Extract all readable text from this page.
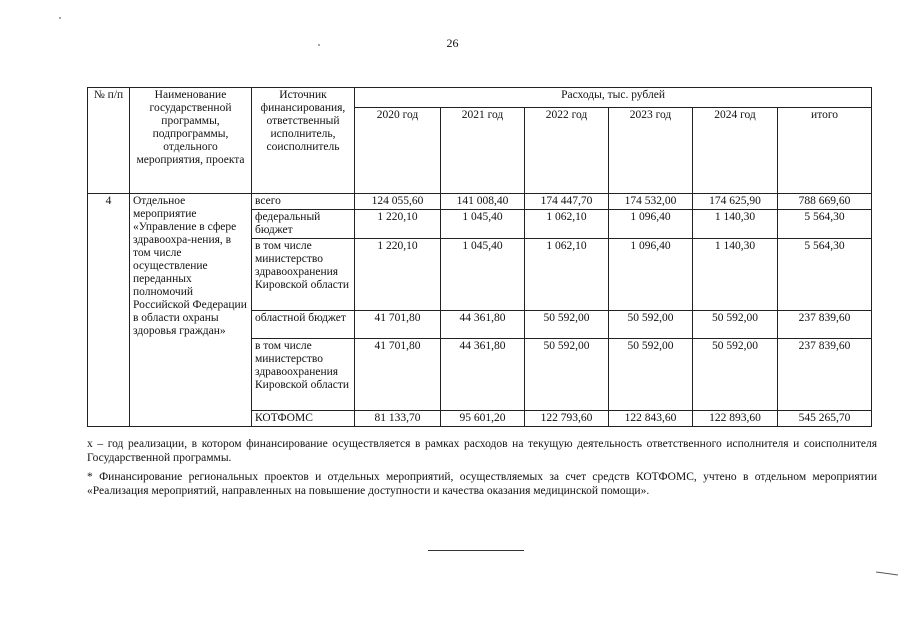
26
№ п/п	Наименование государственной программы, подпрограммы, отдельного мероприятия, проекта	Источник финансирования, ответственный исполнитель, соисполнитель	Расходы, тыс. рублей					
			2020 год	2021 год	2022 год	2023 год	2024 год	итого
4	Отдельное мероприятие «Управление в сфере здравоохра-нения, в том числе осуществление переданных полномочий Российской Федерации в области охраны здоровья граждан»	всего	124 055,60	141 008,40	174 447,70	174 532,00	174 625,90	788 669,60
		федеральный бюджет	1 220,10	1 045,40	1 062,10	1 096,40	1 140,30	5 564,30
		в том числе министерство здравоохранения Кировской области	1 220,10	1 045,40	1 062,10	1 096,40	1 140,30	5 564,30
		областной бюджет	41 701,80	44 361,80	50 592,00	50 592,00	50 592,00	237 839,60
		в том числе министерство здравоохранения Кировской области	41 701,80	44 361,80	50 592,00	50 592,00	50 592,00	237 839,60
		КОТФОМС	81 133,70	95 601,20	122 793,60	122 843,60	122 893,60	545 265,70
х – год реализации, в котором финансирование осуществляется в рамках расходов на текущую деятельность ответственного исполнителя и соисполнителя Государственной программы.
* Финансирование региональных проектов и отдельных мероприятий, осуществляемых за счет средств КОТФОМС, учтено в отдельном мероприятии «Реализация мероприятий, направленных на повышение доступности и качества оказания медицинской помощи».
